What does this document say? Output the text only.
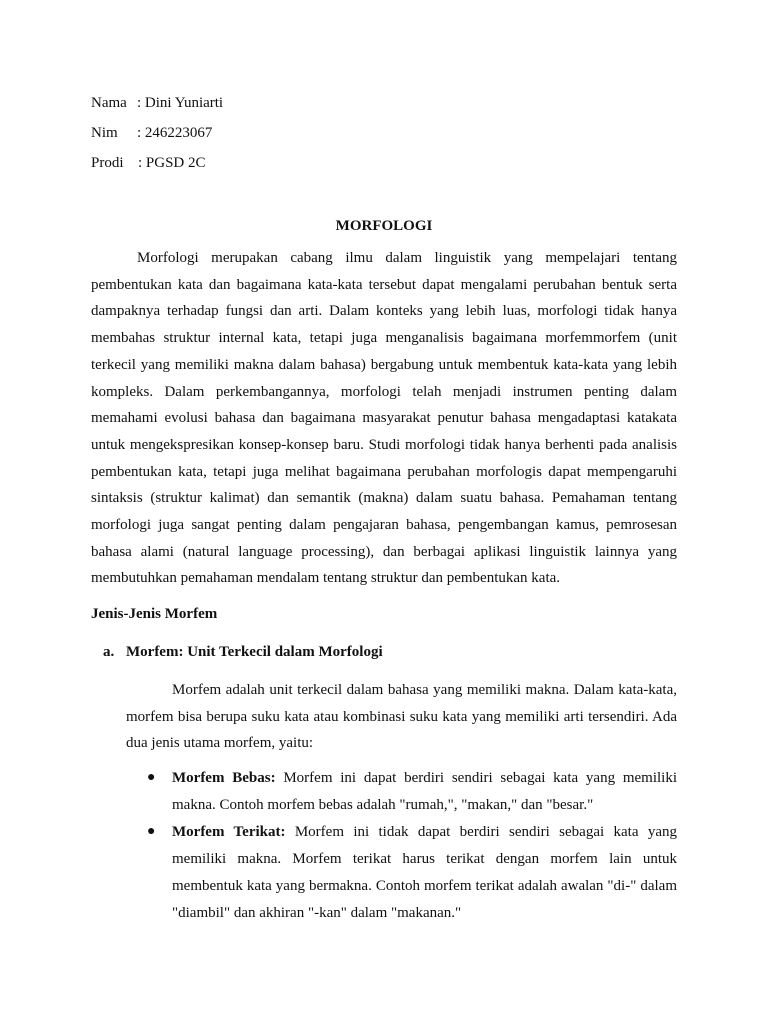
Nama : Dini Yuniarti
Nim	: 246223067
Prodi : PGSD 2C
MORFOLOGI

Morfologi merupakan cabang ilmu dalam linguistik yang mempelajari tentang pembentukan kata dan bagaimana kata-kata tersebut dapat mengalami perubahan bentuk serta dampaknya terhadap fungsi dan arti. Dalam konteks yang lebih luas, morfologi tidak hanya membahas struktur internal kata, tetapi juga menganalisis bagaimana morfemmorfem (unit terkecil yang memiliki makna dalam bahasa) bergabung untuk membentuk kata-kata yang lebih kompleks. Dalam perkembangannya, morfologi telah menjadi instrumen penting dalam memahami evolusi bahasa dan bagaimana masyarakat penutur bahasa mengadaptasi katakata untuk mengekspresikan konsep-konsep baru. Studi morfologi tidak hanya berhenti pada analisis pembentukan kata, tetapi juga melihat bagaimana perubahan morfologis dapat mempengaruhi sintaksis (struktur kalimat) dan semantik (makna) dalam suatu bahasa. Pemahaman tentang morfologi juga sangat penting dalam pengajaran bahasa, pengembangan kamus, pemrosesan bahasa alami (natural language processing), dan berbagai aplikasi linguistik lainnya yang membutuhkan pemahaman mendalam tentang struktur dan pembentukan kata.

Jenis-Jenis Morfem
a. Morfem: Unit Terkecil dalam Morfologi

Morfem adalah unit terkecil dalam bahasa yang memiliki makna. Dalam kata-kata, morfem bisa berupa suku kata atau kombinasi suku kata yang memiliki arti tersendiri. Ada dua jenis utama morfem, yaitu:

● Morfem Bebas: Morfem ini dapat berdiri sendiri sebagai kata yang memiliki makna. Contoh morfem bebas adalah "rumah,", "makan," dan "besar."
● Morfem Terikat: Morfem ini tidak dapat berdiri sendiri sebagai kata yang memiliki makna. Morfem terikat harus terikat dengan morfem lain untuk membentuk kata yang bermakna. Contoh morfem terikat adalah awalan "di-" dalam "diambil" dan akhiran "-kan" dalam "makanan."
